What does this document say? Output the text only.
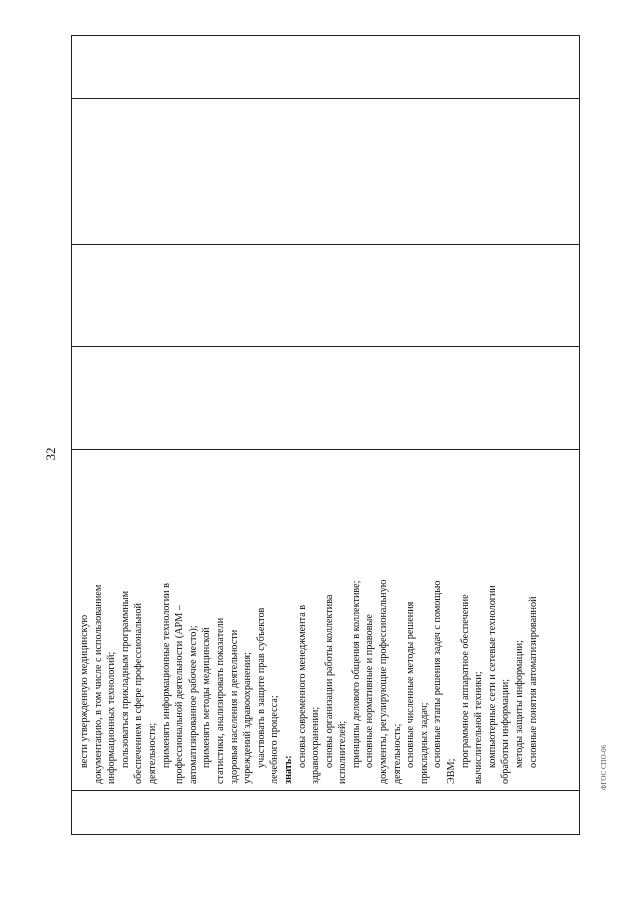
32

вести утвержденную медицинскую документацию, в том числе с использованием информационных технологий; пользоваться прикладным программным обеспечением в сфере профессиональной деятельности; применять информационные технологии в профессиональной деятельности (АРМ – автоматизированное рабочее место); применять методы медицинской статистики, анализировать показатели здоровья населения и деятельности учреждений здравоохранения; участвовать в защите прав субъектов лечебного процесса; знать:
основы современного менеджмента в здравоохранении; основы организации работы коллектива исполнителей; принципы делового общения в коллективе; основные нормативные и правовые документы, регулирующие профессиональную деятельность; основные численные методы решения прикладных задач; основные этапы решения задач с помощью
ЭВМ;
программное и аппаратное обеспечение вычислительной техники; компьютерные сети и сетевые технологии обработки информации; методы защиты информации; основные понятия автоматизированной
					ФГОС СПО-06
